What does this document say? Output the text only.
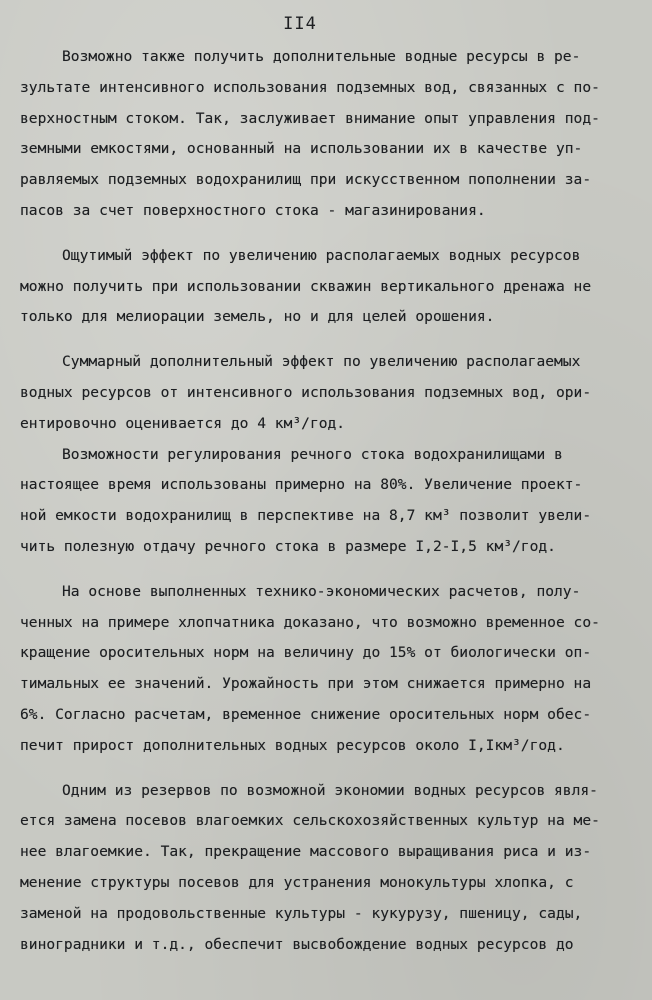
II4
Возможно также получить дополнительные водные ресурсы в ре-
зультате интенсивного использования подземных вод, связанных с по-
верхностным стоком. Так, заслуживает внимание опыт управления под-
земными емкостями, основанный на использовании их в качестве уп-
равляемых подземных водохранилищ при искусственном пополнении за-
пасов за счет поверхностного стока - магазинирования.
Ощутимый эффект по увеличению располагаемых водных ресурсов
можно получить при использовании скважин вертикального дренажа не
только для мелиорации земель, но и для целей орошения.
Суммарный дополнительный эффект по увеличению располагаемых
водных ресурсов от интенсивного использования подземных вод, ори-
ентировочно оценивается до 4 км³/год.
Возможности регулирования речного стока водохранилищами в
настоящее время использованы примерно на 80%. Увеличение проект-
ной емкости водохранилищ в перспективе на 8,7 км³ позволит увели-
чить полезную отдачу речного стока в размере I,2-I,5 км³/год.
На основе выполненных технико-экономических расчетов, полу-
ченных на примере хлопчатника доказано, что возможно временное со-
кращение оросительных норм на величину до 15% от биологически оп-
тимальных ее значений. Урожайность при этом снижается примерно на
6%. Согласно расчетам, временное снижение оросительных норм обес-
печит прирост дополнительных водных ресурсов около I,Iкм³/год.
Одним из резервов по возможной экономии водных ресурсов явля-
ется замена посевов влагоемких сельскохозяйственных культур на ме-
нее влагоемкие. Так, прекращение массового выращивания риса и из-
менение структуры посевов для устранения монокультуры хлопка, с
заменой на продовольственные культуры - кукурузу, пшеницу, сады,
виноградники и т.д., обеспечит высвобождение водных ресурсов до
